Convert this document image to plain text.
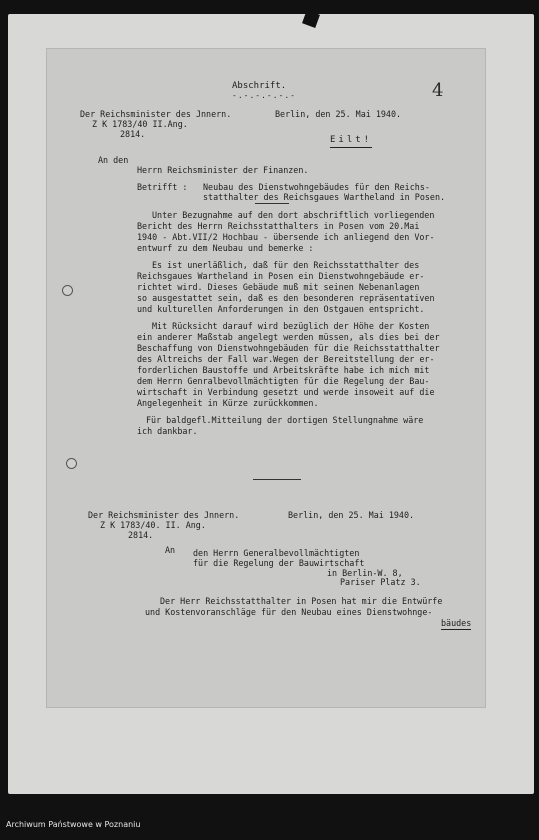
Abschrift.
-.-.-.-.-.-	4
Der Reichsminister des Jnnern.
Z K 1783/40 II.Ang.
2814.
Berlin, den 25. Mai 1940.
Eilt!
An den
Herrn Reichsminister der Finanzen.
Betrifft : Neubau des Dienstwohngebäudes für den Reichs-
statthalter des Reichsgaues Wartheland in Posen.
Unter Bezugnahme auf den dort abschriftlich vorliegenden
Bericht des Herrn Reichsstatthalters in Posen vom 20.Mai
1940 - Abt.VII/2 Hochbau - übersende ich anliegend den Vor-
entwurf zu dem Neubau und bemerke :
Es ist unerläßlich, daß für den Reichsstatthalter des
Reichsgaues Wartheland in Posen ein Dienstwohngebäude er-
richtet wird. Dieses Gebäude muß mit seinen Nebenanlagen
so ausgestattet sein, daß es den besonderen repräsentativen
und kulturellen Anforderungen in den Ostgauen entspricht.
Mit Rücksicht darauf wird bezüglich der Höhe der Kosten
ein anderer Maßstab angelegt werden müssen, als dies bei der
Beschaffung von Dienstwohngebäuden für die Reichsstatthalter
des Altreichs der Fall war.Wegen der Bereitstellung der er-
forderlichen Baustoffe und Arbeitskräfte habe ich mich mit
dem Herrn Genralbevollmächtigten für die Regelung der Bau-
wirtschaft in Verbindung gesetzt und werde insoweit auf die
Angelegenheit in Kürze zurückkommen.
Für baldgefl.Mitteilung der dortigen Stellungnahme wäre
ich dankbar.
Der Reichsminister des Jnnern.
Z K 1783/40. II. Ang.
2814.
Berlin, den 25. Mai 1940.
An den Herrn Generalbevollmächtigten
für die Regelung der Bauwirtschaft
in Berlin-W. 8,
Pariser Platz 3.
Der Herr Reichsstatthalter in Posen hat mir die Entwürfe
und Kostenvoranschläge für den Neubau eines Dienstwohnge-
bäudes
Archiwum Państwowe w Poznaniu
